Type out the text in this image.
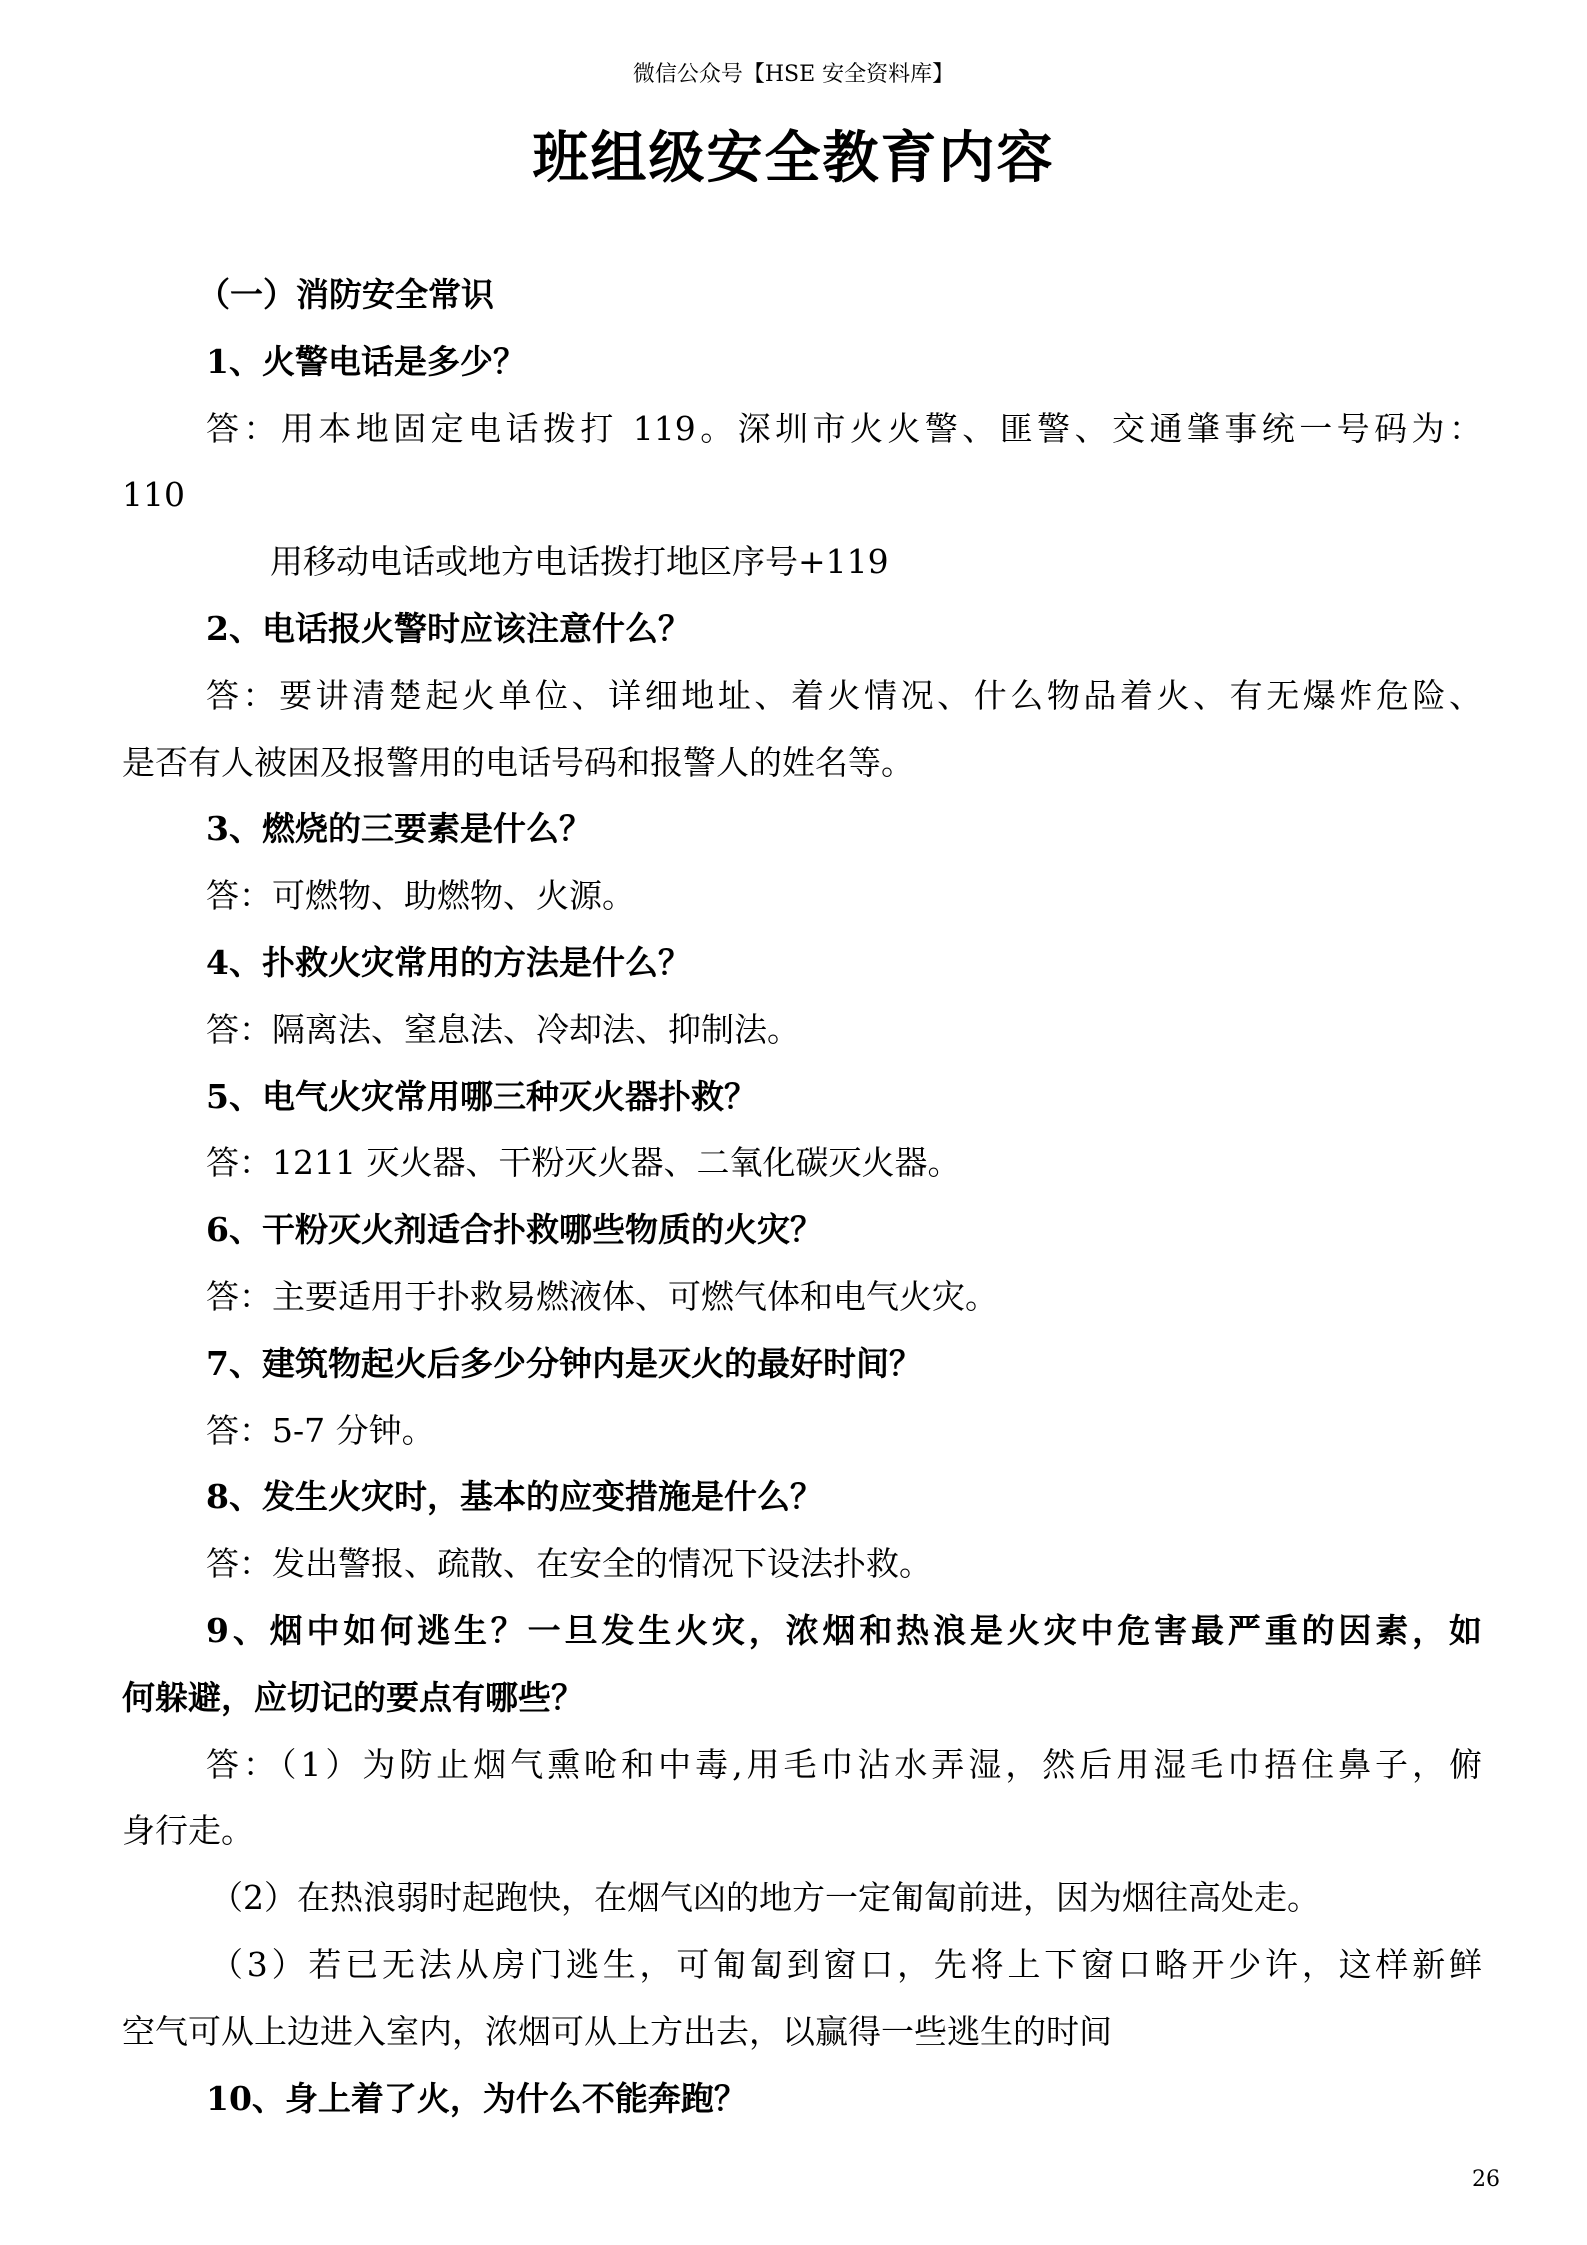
微信公众号【HSE 安全资料库】
班组级安全教育内容
（一）消防安全常识
1、火警电话是多少？
答：用本地固定电话拨打 119。深圳市火火警、匪警、交通肇事统一号码为：
110
用移动电话或地方电话拨打地区序号+119
2、电话报火警时应该注意什么？
答：要讲清楚起火单位、详细地址、着火情况、什么物品着火、有无爆炸危险、
是否有人被困及报警用的电话号码和报警人的姓名等。
3、燃烧的三要素是什么？
答：可燃物、助燃物、火源。
4、扑救火灾常用的方法是什么？
答：隔离法、窒息法、冷却法、抑制法。
5、电气火灾常用哪三种灭火器扑救？
答：1211 灭火器、干粉灭火器、二氧化碳灭火器。
6、干粉灭火剂适合扑救哪些物质的火灾？
答：主要适用于扑救易燃液体、可燃气体和电气火灾。
7、建筑物起火后多少分钟内是灭火的最好时间？
答：5-7 分钟。
8、发生火灾时，基本的应变措施是什么？
答：发出警报、疏散、在安全的情况下设法扑救。
9、烟中如何逃生？一旦发生火灾，浓烟和热浪是火灾中危害最严重的因素，如
何躲避，应切记的要点有哪些？
答：（1）为防止烟气熏呛和中毒,用毛巾沾水弄湿，然后用湿毛巾捂住鼻子，俯
身行走。
（2）在热浪弱时起跑快，在烟气凶的地方一定匍匐前进，因为烟往高处走。
（3）若已无法从房门逃生，可匍匐到窗口，先将上下窗口略开少许，这样新鲜
空气可从上边进入室内，浓烟可从上方出去，以赢得一些逃生的时间
10、身上着了火，为什么不能奔跑？
26
